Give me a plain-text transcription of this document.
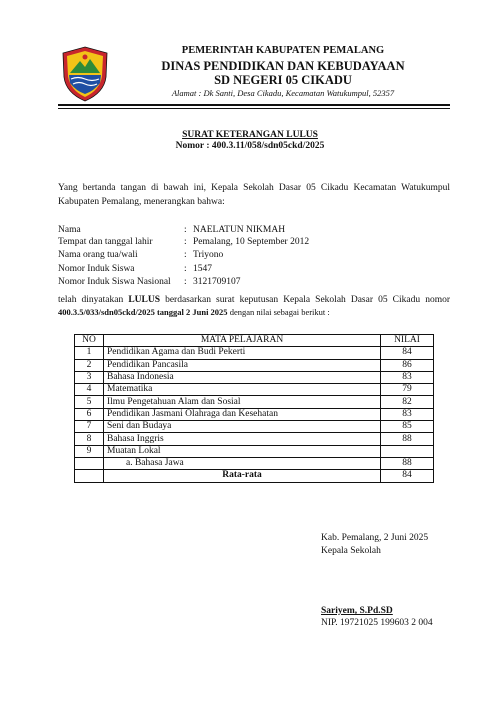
PEMERINTAH KABUPATEN PEMALANG
DINAS PENDIDIKAN DAN KEBUDAYAAN
SD NEGERI 05 CIKADU
Alamat : Dk Santi, Desa Cikadu, Kecamatan Watukumpul, 52357
SURAT KETERANGAN LULUS
Nomor : 400.3.11/058/sdn05ckd/2025
Yang bertanda tangan di bawah ini, Kepala Sekolah Dasar 05 Cikadu Kecamatan Watukumpul
Kabupaten Pemalang, menerangkan bahwa:
Nama	: NAELATUN NIKMAH
Tempat dan tanggal lahir	: Pemalang, 10 September 2012
Nama orang tua/wali	: Triyono
Nomor Induk Siswa	: 1547
Nomor Induk Siswa Nasional	: 3121709107
telah dinyatakan LULUS berdasarkan surat keputusan Kepala Sekolah Dasar 05 Cikadu nomor
400.3.5/033/sdn05ckd/2025 tanggal 2 Juni 2025 dengan nilai sebagai berikut :
NO	MATA PELAJARAN	NILAI
1	Pendidikan Agama dan Budi Pekerti	84
2	Pendidikan Pancasila	86
3	Bahasa Indonesia	83
4	Matematika	79
5	Ilmu Pengetahuan Alam dan Sosial	82
6	Pendidikan Jasmani Olahraga dan Kesehatan	83
7	Seni dan Budaya	85
8	Bahasa Inggris	88
9	Muatan Lokal	
	a. Bahasa Jawa	88
	Rata-rata	84
Kab. Pemalang, 2 Juni 2025
Kepala Sekolah
Sariyem, S.Pd.SD
NIP. 19721025 199603 2 004
